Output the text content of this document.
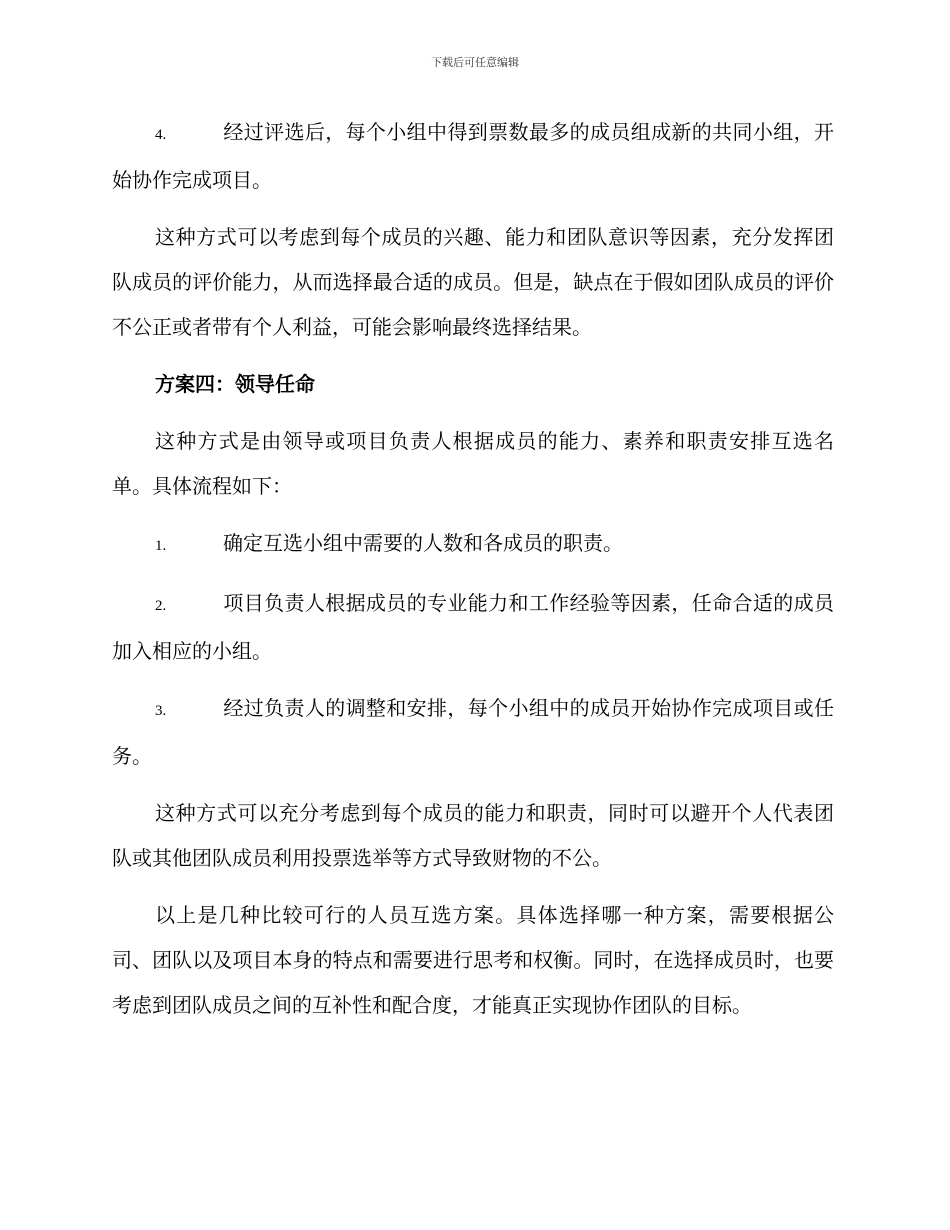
下载后可任意编辑

4.	经过评选后，每个小组中得到票数最多的成员组成新的共同小组，开始协作完成项目。

这种方式可以考虑到每个成员的兴趣、能力和团队意识等因素，充分发挥团队成员的评价能力，从而选择最合适的成员。但是，缺点在于假如团队成员的评价不公正或者带有个人利益，可能会影响最终选择结果。

方案四：领导任命

这种方式是由领导或项目负责人根据成员的能力、素养和职责安排互选名单。具体流程如下：

1.	确定互选小组中需要的人数和各成员的职责。

2.	项目负责人根据成员的专业能力和工作经验等因素，任命合适的成员加入相应的小组。

3.	经过负责人的调整和安排，每个小组中的成员开始协作完成项目或任务。

这种方式可以充分考虑到每个成员的能力和职责，同时可以避开个人代表团队或其他团队成员利用投票选举等方式导致财物的不公。

以上是几种比较可行的人员互选方案。具体选择哪一种方案，需要根据公司、团队以及项目本身的特点和需要进行思考和权衡。同时，在选择成员时，也要考虑到团队成员之间的互补性和配合度，才能真正实现协作团队的目标。
